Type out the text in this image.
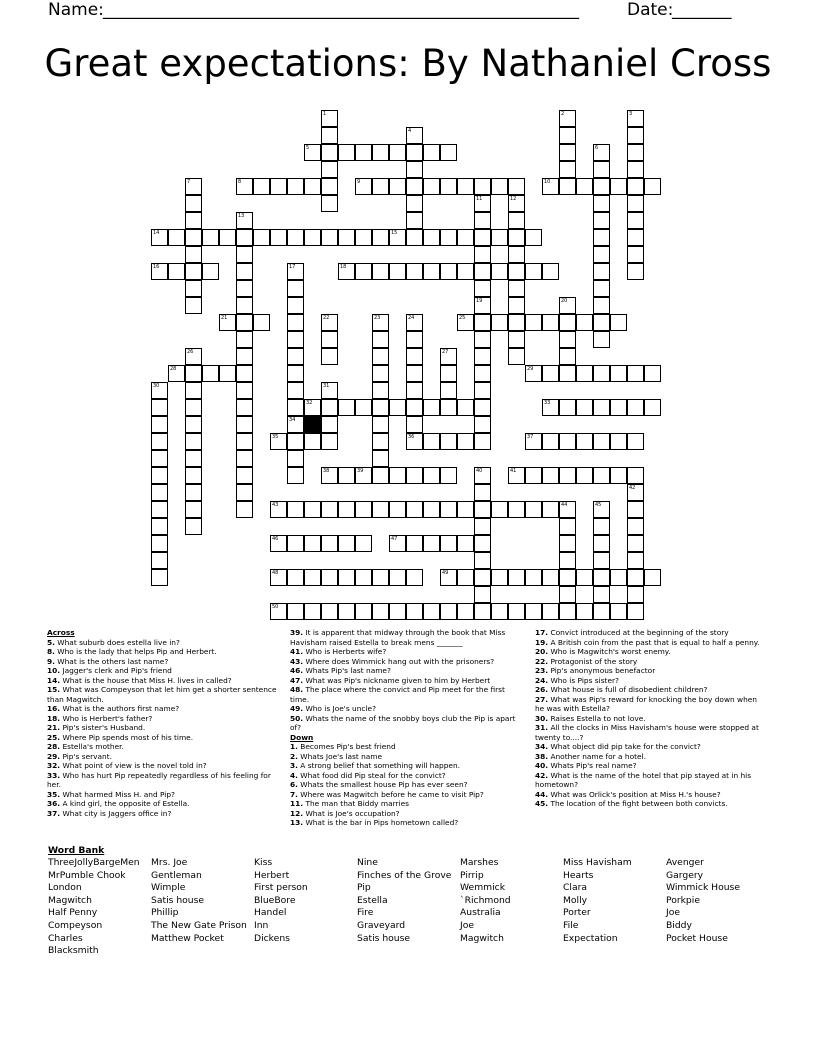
Name: ________________________________________________________	Date:
_______
Great expectations: By Nathaniel Cross
1	2	3
4
5	6
7	8	9	10
11	12
13
14	15
16	17	18
19	20
21	22	23	24	25
26	27
28	29
30	31
32	33
34
35	36	37
38	39	40	41
42
43	44	45
46	47
48	49
50
Across
5. What suburb does estella live in?
8. Who is the lady that helps Pip and Herbert.
9. What is the others last name?
10. Jagger's clerk and Pip's friend
14. What is the house that Miss H. lives in called?
15. What was Compeyson that let him get a shorter sentence than Magwitch.
16. What is the authors first name?
18. Who is Herbert's father?
21. Pip's sister's Husband.
25. Where Pip spends most of his time.
28. Estella's mother.
29. Pip's servant.
32. What point of view is the novel told in?
33. Who has hurt Pip repeatedly regardless of his feeling for her.
35. What harmed Miss H. and Pip?
36. A kind girl, the opposite of Estella.
37. What city is Jaggers office in?
39. It is apparent that midway through the book that Miss Havisham raised Estella to break mens _______
41. Who is Herberts wife?
43. Where does Wimmick hang out with the prisoners?
46. Whats Pip's last name?
47. What was Pip's nickname given to him by Herbert
48. The place where the convict and Pip meet for the first time.
49. Who is Joe's uncle?
50. Whats the name of the snobby boys club the Pip is apart of?
Down
1. Becomes Pip's best friend
2. Whats Joe's last name
3. A strong belief that something will happen.
4. What food did Pip steal for the convict?
6. Whats the smallest house Pip has ever seen?
7. Where was Magwitch before he came to visit Pip?
11. The man that Biddy marries
12. What is Joe's occupation?
13. What is the bar in Pips hometown called?
17. Convict introduced at the beginning of the story
19. A British coin from the past that is equal to half a penny.
20. Who is Magwitch's worst enemy.
22. Protagonist of the story
23. Pip's anonymous benefactor
24. Who is Pips sister?
26. What house is full of disobedient children?
27. What was Pip's reward for knocking the boy down when he was with Estella?
30. Raises Estella to not love.
31. All the clocks in Miss Havisham's house were stopped at twenty to....?
34. What object did pip take for the convict?
38. Another name for a hotel.
40. Whats Pip's real name?
42. What is the name of the hotel that pip stayed at in his hometown?
44. What was Orlick's position at Miss H.'s house?
45. The location of the fight between both convicts.
Word Bank
ThreeJollyBargeMen
MrPumble Chook
London
Magwitch
Half Penny
Compeyson
Charles
Blacksmith
Mrs. Joe
Gentleman
Wimple
Satis house
Phillip
The New Gate Prison
Matthew Pocket
Kiss
Herbert
First person
BlueBore
Handel
Inn
Dickens
Nine
Finches of the Grove
Pip
Estella
Fire
Graveyard
Satis house
Marshes
Pirrip
Wemmick
`Richmond
Australia
Joe
Magwitch
Miss Havisham
Hearts
Clara
Molly
Porter
File
Expectation
Avenger
Gargery
Wimmick House
Porkpie
Joe
Biddy
Pocket House
